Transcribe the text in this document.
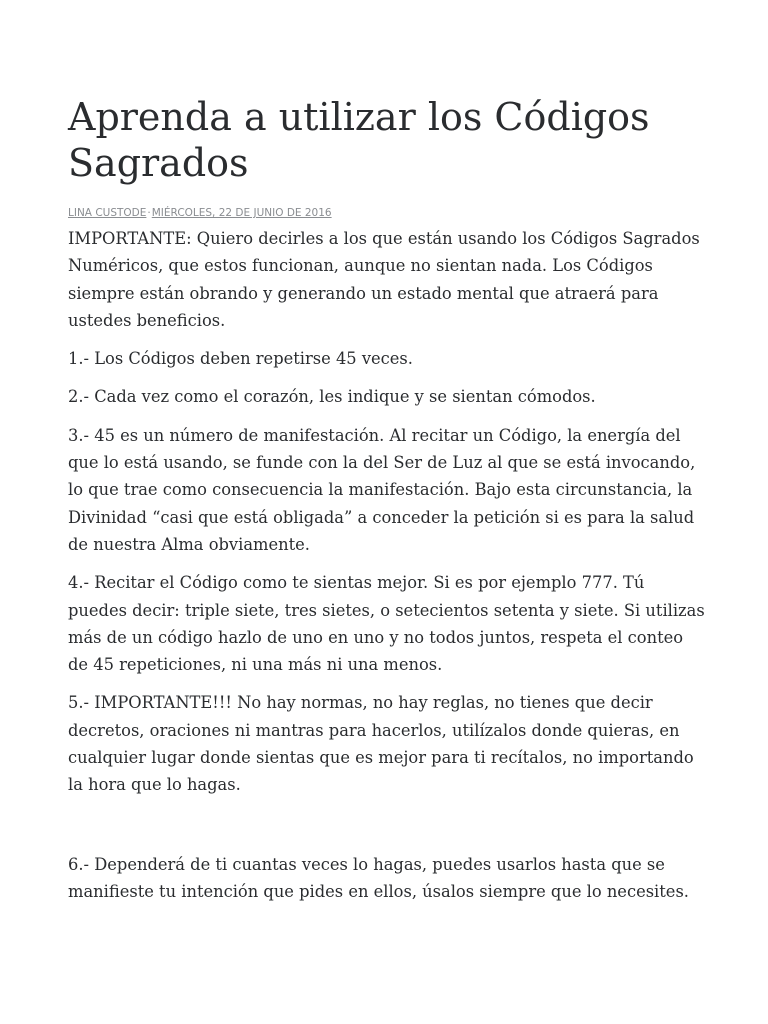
Aprenda a utilizar los Códigos Sagrados
LINA CUSTODE·MIÉRCOLES, 22 DE JUNIO DE 2016

IMPORTANTE: Quiero decirles a los que están usando los Códigos Sagrados Numéricos, que estos funcionan, aunque no sientan nada. Los Códigos siempre están obrando y generando un estado mental que atraerá para ustedes beneficios.

1.- Los Códigos deben repetirse 45 veces.

2.- Cada vez como el corazón, les indique y se sientan cómodos.

3.- 45 es un número de manifestación. Al recitar un Código, la energía del que lo está usando, se funde con la del Ser de Luz al que se está invocando, lo que trae como consecuencia la manifestación. Bajo esta circunstancia, la Divinidad “casi que está obligada” a conceder la petición si es para la salud de nuestra Alma obviamente.

4.- Recitar el Código como te sientas mejor. Si es por ejemplo 777. Tú puedes decir: triple siete, tres sietes, o setecientos setenta y siete. Si utilizas más de un código hazlo de uno en uno y no todos juntos, respeta el conteo de 45 repeticiones, ni una más ni una menos.

5.- IMPORTANTE!!! No hay normas, no hay reglas, no tienes que decir decretos, oraciones ni mantras para hacerlos, utilízalos donde quieras, en cualquier lugar donde sientas que es mejor para ti recítalos, no importando la hora que lo hagas.

6.- Dependerá de ti cuantas veces lo hagas, puedes usarlos hasta que se manifieste tu intención que pides en ellos, úsalos siempre que lo necesites.
